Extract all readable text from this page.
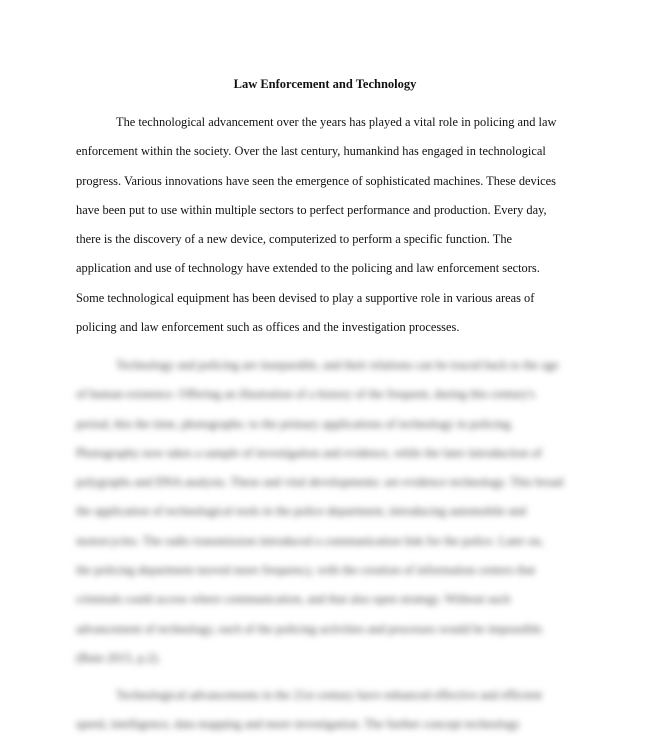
Law Enforcement and Technology
The technological advancement over the years has played a vital role in policing and law
enforcement within the society. Over the last century, humankind has engaged in technological
progress. Various innovations have seen the emergence of sophisticated machines. These devices
have been put to use within multiple sectors to perfect performance and production. Every day,
there is the discovery of a new device, computerized to perform a specific function. The
application and use of technology have extended to the policing and law enforcement sectors.
Some technological equipment has been devised to play a supportive role in various areas of
policing and law enforcement such as offices and the investigation processes.
Technology and policing are inseparable, and their relations can be traced back to the age
of human existence. Offering an illustration of a history of the frequent, during this century's
period, this the time, photographs: to the primary applications of technology in policing.
Photography now takes a sample of investigation and evidence, while the later introduction of
polygraphs and DNA analysis. These and vital developments: are evidence technology. This broad
the application of technological tools in the police department, introducing automobile and
motorcycles. The radio transmission introduced a communication link for the police. Later on,
the policing department moved more frequency, with the creation of information centers that
criminals could access where communication, and that also open strategy. Without such
advancement of technology, each of the policing activities and processes would be impossible.
(Bain 2015, p.2).
Technological advancements in the 21st century have enhanced effective and efficient
speed, intelligence, data mapping and more investigation. The further concept technology
